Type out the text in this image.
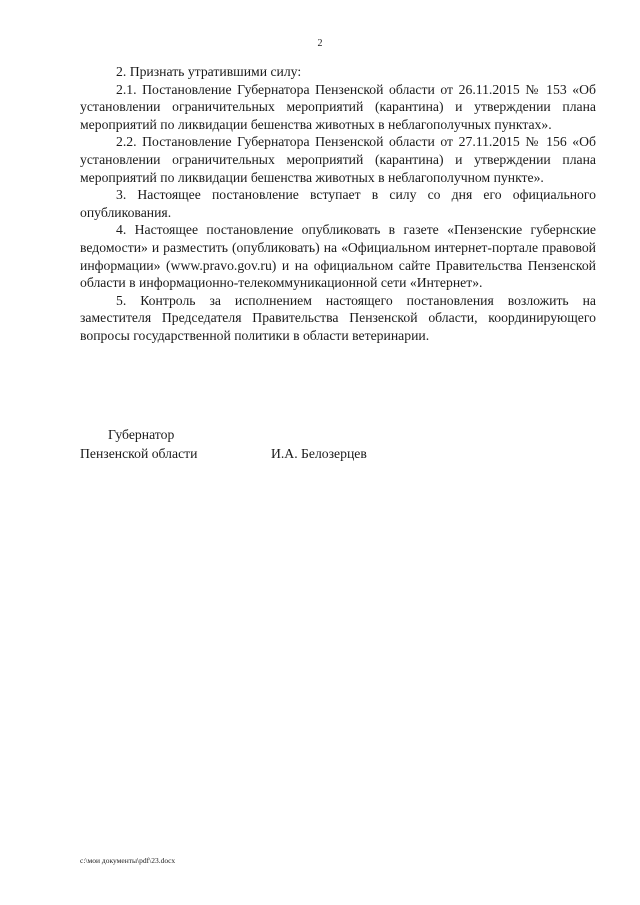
2

2. Признать утратившими силу:

2.1. Постановление Губернатора Пензенской области от 26.11.2015 № 153 «Об установлении ограничительных мероприятий (карантина) и утверждении плана мероприятий по ликвидации бешенства животных в неблагополучных пунктах».

2.2. Постановление Губернатора Пензенской области от 27.11.2015 № 156 «Об установлении ограничительных мероприятий (карантина) и утверждении плана мероприятий по ликвидации бешенства животных в неблагополучном пункте».

3. Настоящее постановление вступает в силу со дня его официального опубликования.

4. Настоящее постановление опубликовать в газете «Пензенские губернские ведомости» и разместить (опубликовать) на «Официальном интернет-портале правовой информации» (www.pravo.gov.ru) и на официальном сайте Правительства Пензенской области в информационно-телекоммуникационной сети «Интернет».

5. Контроль за исполнением настоящего постановления возложить на заместителя Председателя Правительства Пензенской области, координирующего вопросы государственной политики в области ветеринарии.

Губернатор
Пензенской области	И.А. Белозерцев
c:\мои документы\pdf\23.docx
